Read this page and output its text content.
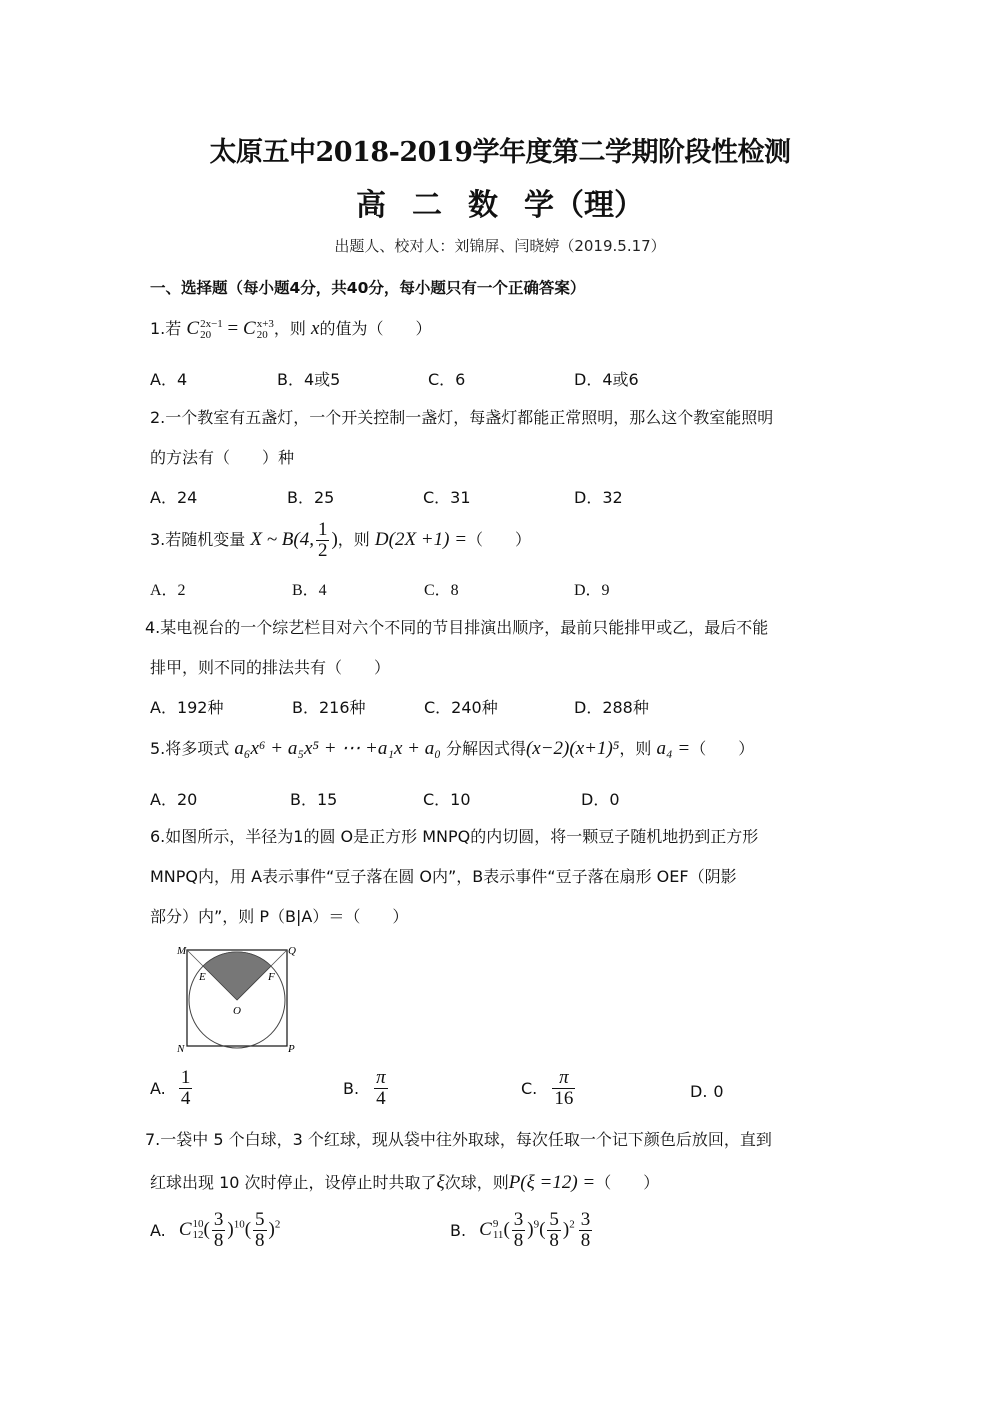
太原五中2018-2019学年度第二学期阶段性检测
高 二 数 学（理）
出题人、校对人：刘锦屏、闫晓婷（2019.5.17）
一、选择题（每小题4分，共40分，每小题只有一个正确答案）
1.若 C 2x−1
20 = C x+3
20 ，则 x的值为（　　）
A．4	B．4或5	C．6	D．4或6
2.一个教室有五盏灯，一个开关控制一盏灯，每盏灯都能正常照明，那么这个教室能照明
的方法有（　　）种
A．24	B．25	C．31	D．32
3.若随机变量 X ~ B(4, $\frac{1}{2}$ )，则 D(2X +1) =（　　）
A．2	B．4	C．8	D．9
4.某电视台的一个综艺栏目对六个不同的节目排演出顺序，最前只能排甲或乙，最后不能
排甲，则不同的排法共有（　　）
A．192种	B．216种	C．240种	D．288种
5.将多项式 a₆x⁶ + a₅x⁵ + ⋯ +a₁x + a₀ 分解因式得(x−2)(x+1)⁵，则 a₄ =（　　）
A．20	B．15	C．10	D．0
6.如图所示，半径为1的圆 O是正方形 MNPQ的内切圆，将一颗豆子随机地扔到正方形
MNPQ内，用 A表示事件“豆子落在圆 O内”，B表示事件“豆子落在扇形 OEF（阴影
部分）内”，则 P（B|A）＝（　　）
M	Q
E	F
O
N	P
A. $\frac{1}{4}$	B. $\frac{\pi}{4}$	C. $\frac{\pi}{16}$	D. 0
7.一袋中 5 个白球，3 个红球，现从袋中往外取球，每次任取一个记下颜色后放回，直到
红球出现 10 次时停止，设停止时共取了ξ次球，则P(ξ =12) =（　　）
A. C 10
12 ( $\frac{3}{8} )^{10}( \frac{5}{8} )^2$	B. C 9
11 ( $\frac{3}{8} )^9( \frac{5}{8} )^2 \frac{3}{8}$
